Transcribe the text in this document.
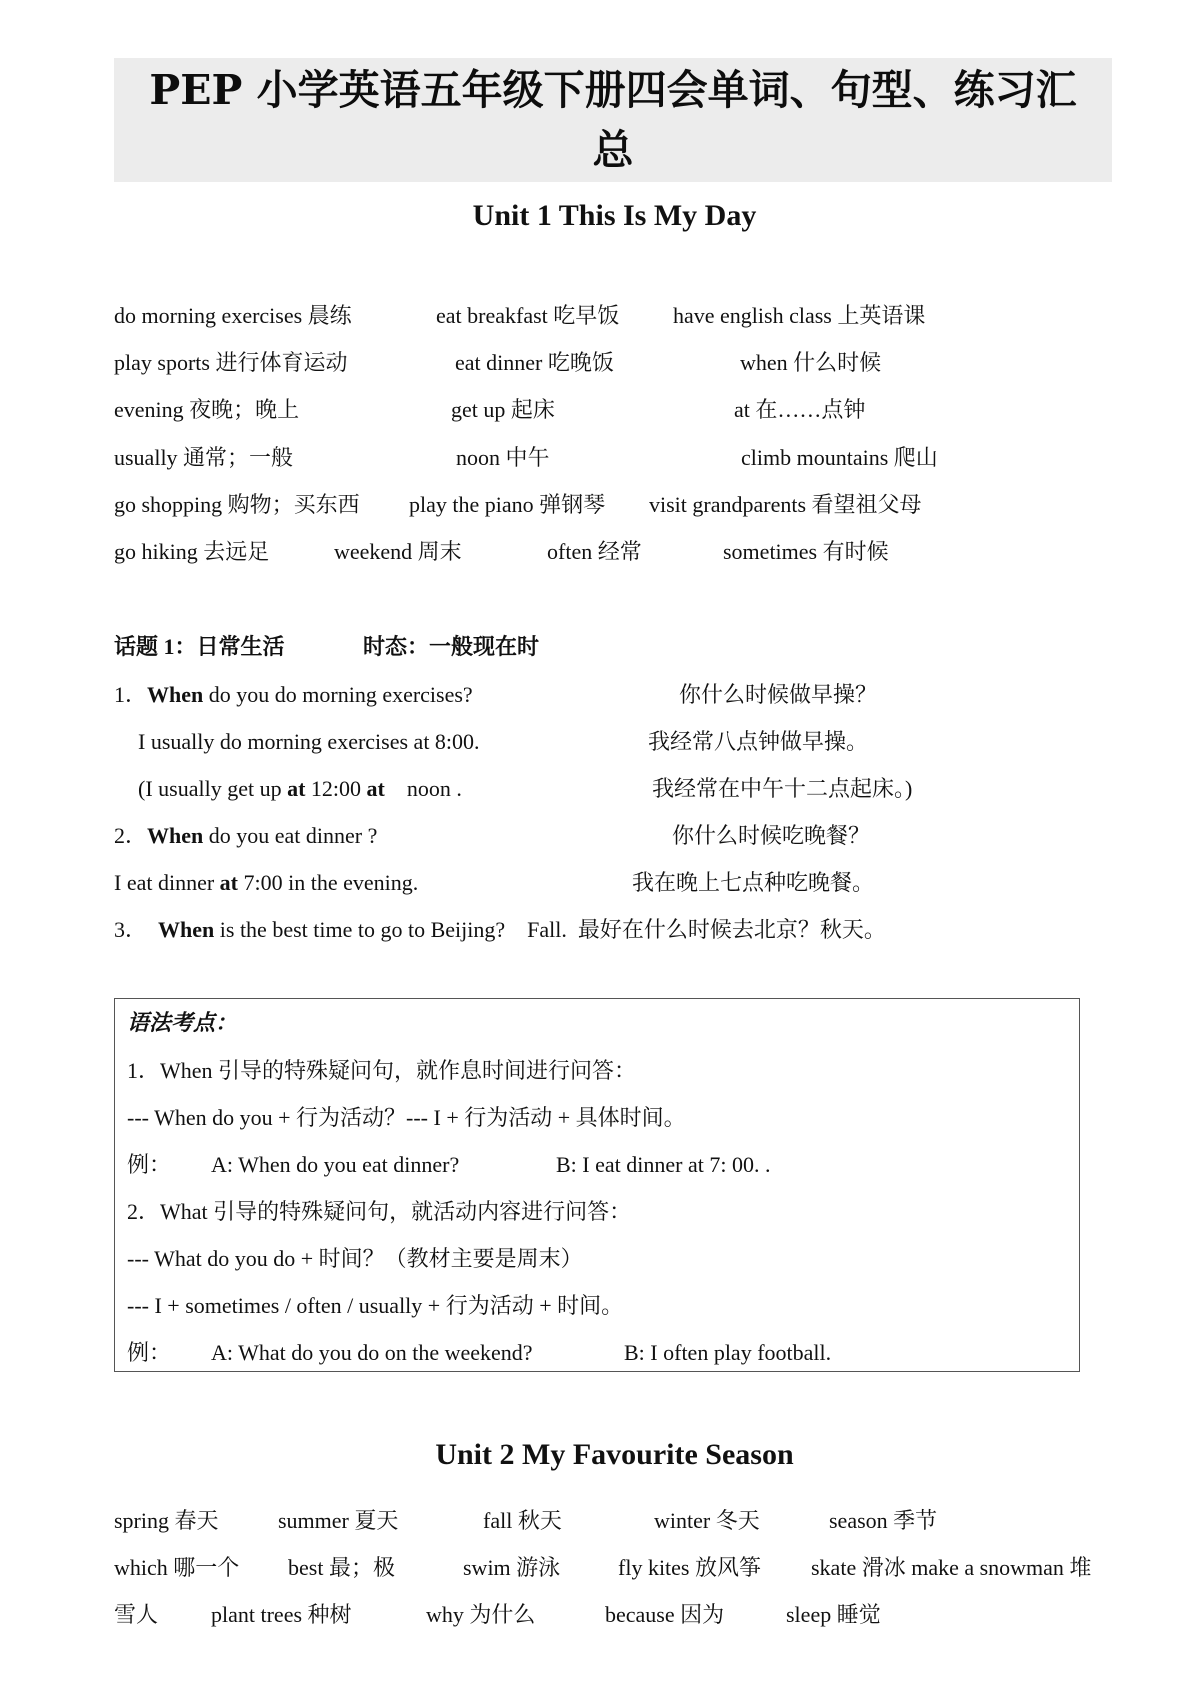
PEP 小学英语五年级下册四会单词、句型、练习汇
总
Unit 1 This Is My Day
do morning exercises 晨练	eat breakfast 吃早饭 have english class 上英语课
play sports 进行体育运动	eat dinner 吃晚饭	when 什么时候
evening 夜晚；晚上	get up 起床	at 在……点钟
usually 通常；一般	noon 中午	climb mountains 爬山
go shopping 购物；买东西 play the piano 弹钢琴 visit grandparents 看望祖父母
go hiking 去远足	weekend 周末	often 经常	sometimes 有时候
话题 1：日常生活	时态：一般现在时
1．When do you do morning exercises?	你什么时候做早操？
I usually do morning exercises at 8:00.	我经常八点钟做早操。
(I usually get up at 12:00 at    noon .	我经常在中午十二点起床。)
2．When do you eat dinner ?	你什么时候吃晚餐？
I eat dinner at 7:00 in the evening.	我在晚上七点种吃晚餐。
3． When is the best time to go to Beijing?    Fall.  最好在什么时候去北京？秋天。
语法考点：
1．When 引导的特殊疑问句，就作息时间进行问答：
--- When do you + 行为活动？--- I + 行为活动 + 具体时间。
例： A: When do you eat dinner?	B: I eat dinner at 7: 00. .
2．What 引导的特殊疑问句，就活动内容进行问答：
--- What do you do + 时间？（教材主要是周末）
--- I + sometimes / often / usually + 行为活动 + 时间。
例： A: What do you do on the weekend?	B: I often play football.
Unit 2 My Favourite Season
spring 春天	summer 夏天	fall 秋天	winter 冬天	season 季节
which 哪一个 best 最；极	swim 游泳	fly kites 放风筝 skate 滑冰 make a snowman 堆
雪人 plant trees 种树	why 为什么	because 因为	sleep 睡觉
